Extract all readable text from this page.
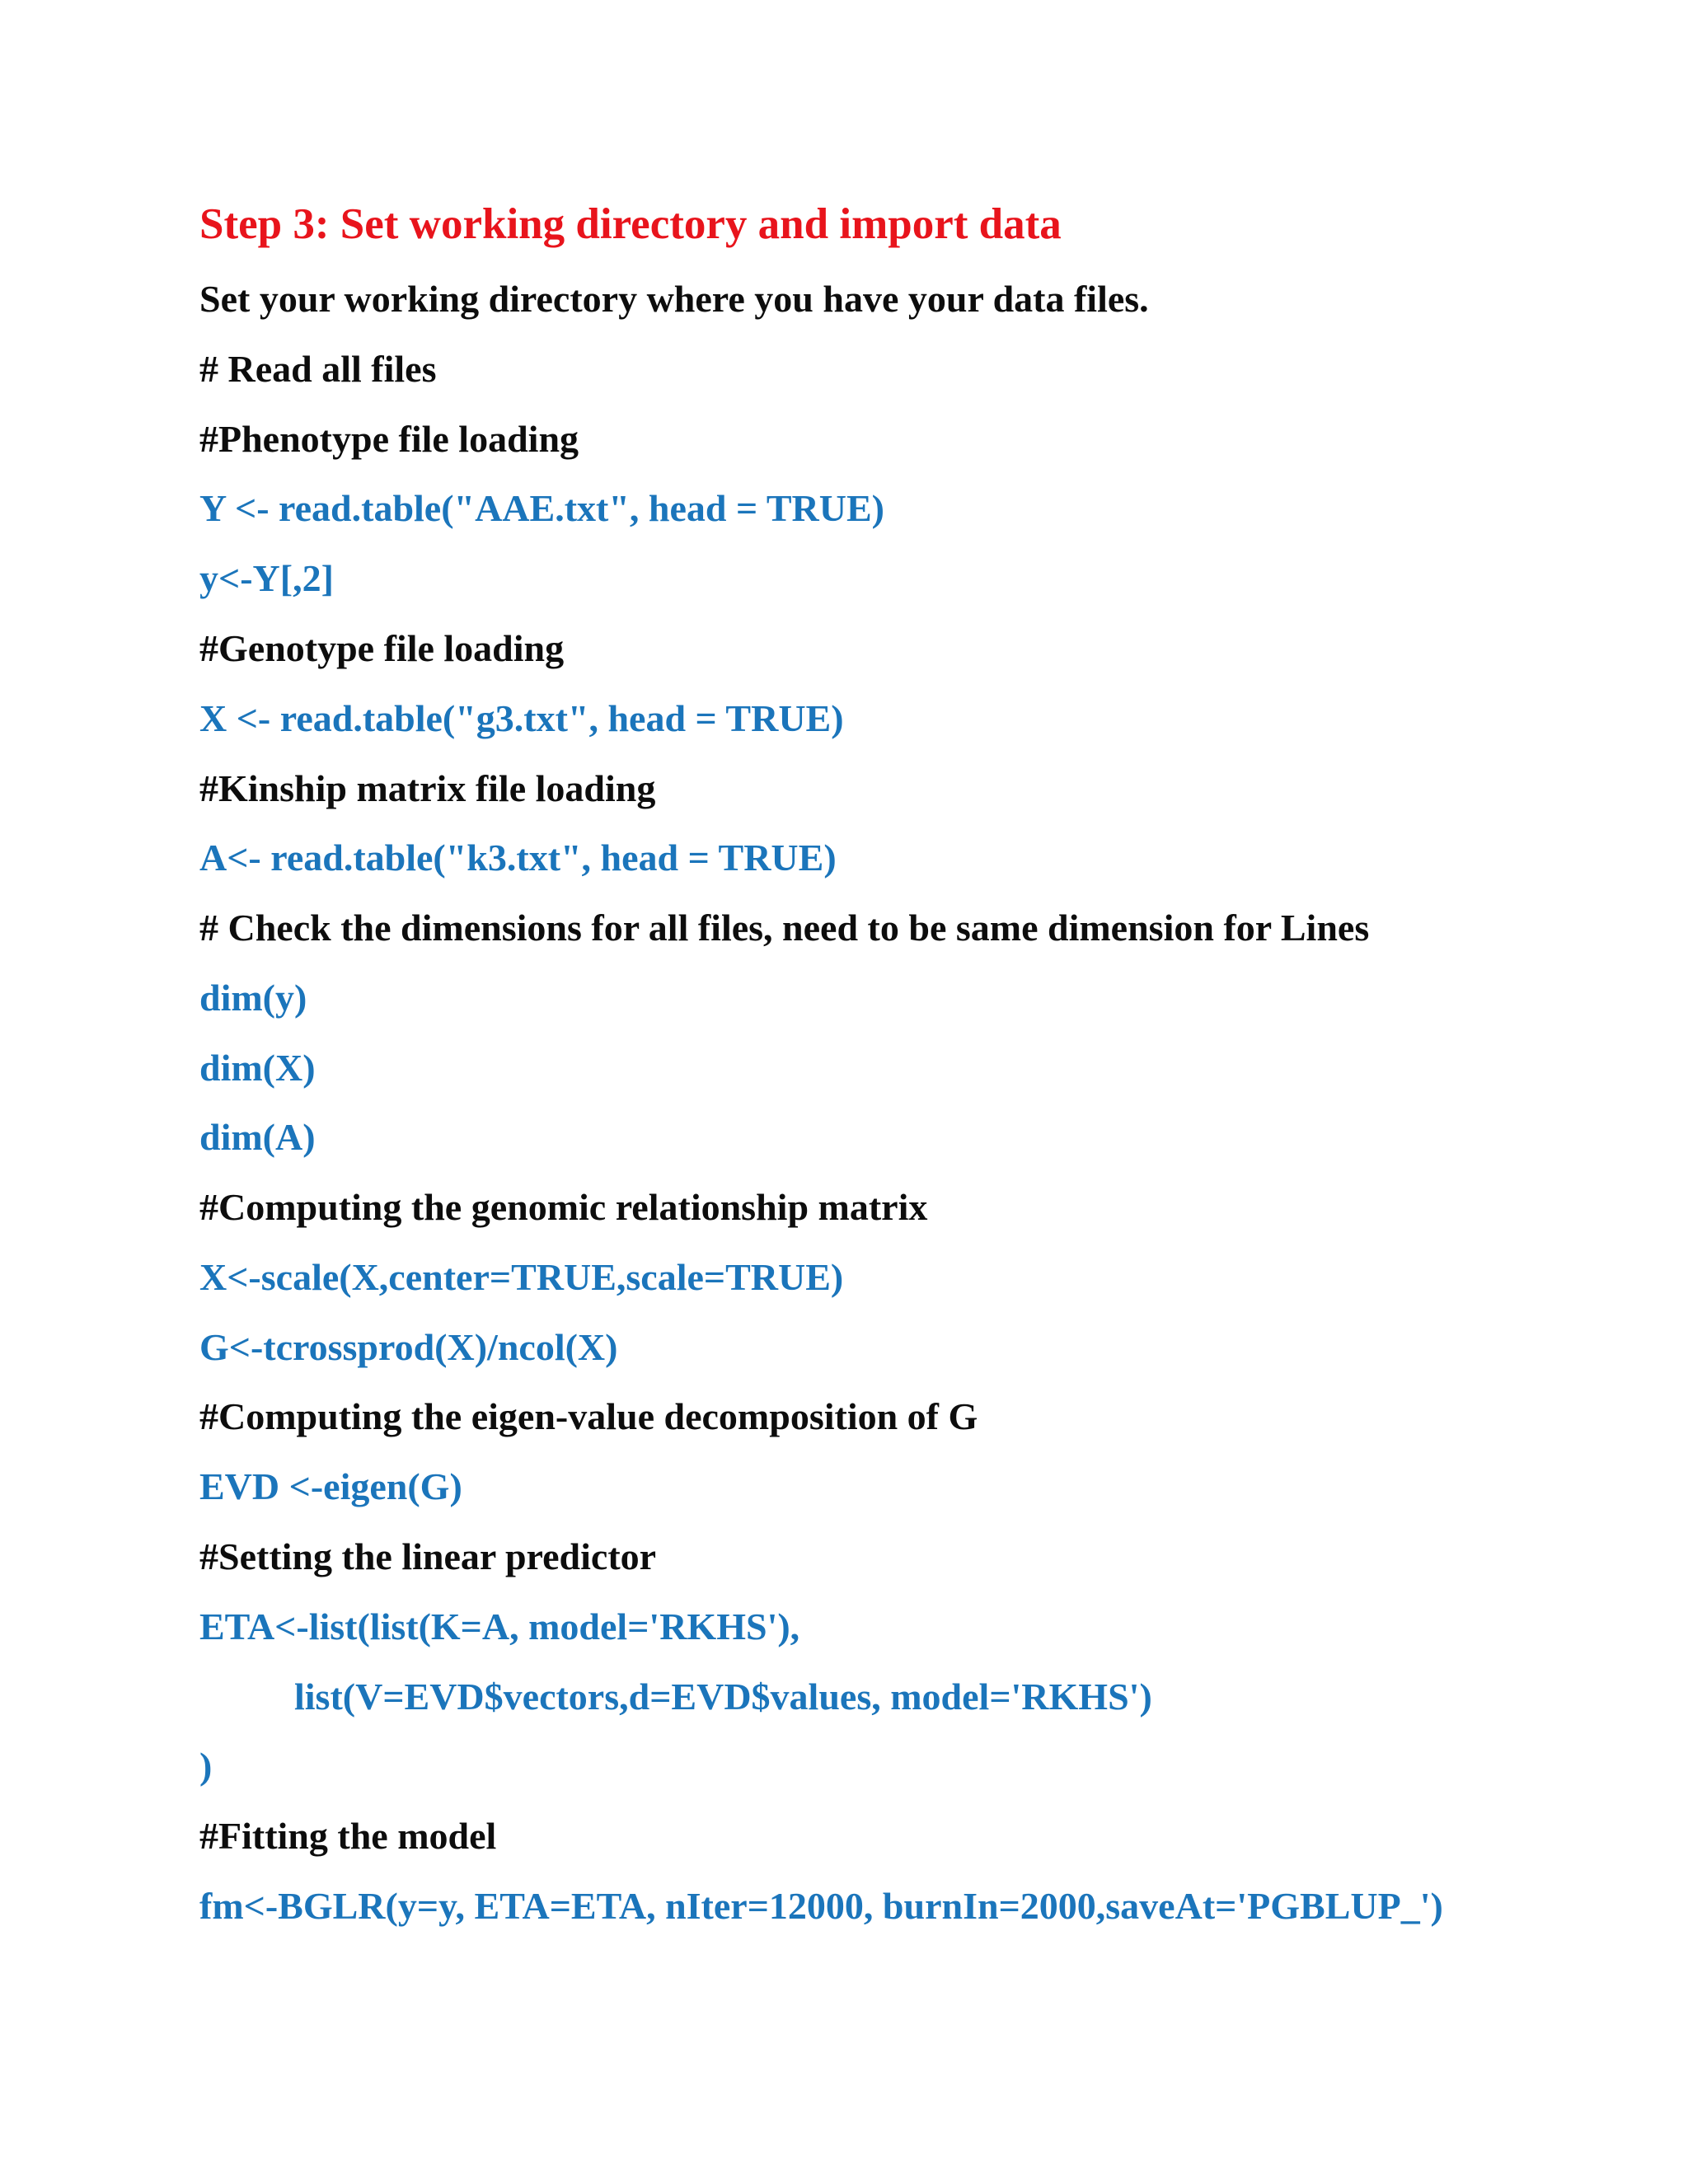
Step 3: Set working directory and import data
Set your working directory where you have your data files.
# Read all files
#Phenotype file loading
Y <- read.table("AAE.txt", head = TRUE)
y<-Y[,2]
#Genotype file loading
X <- read.table("g3.txt", head = TRUE)
#Kinship matrix file loading
A<- read.table("k3.txt", head = TRUE)
# Check the dimensions for all files, need to be same dimension for Lines
dim(y)
dim(X)
dim(A)
#Computing the genomic relationship matrix
X<-scale(X,center=TRUE,scale=TRUE)
G<-tcrossprod(X)/ncol(X)
#Computing the eigen-value decomposition of G
EVD <-eigen(G)
#Setting the linear predictor
ETA<-list(list(K=A, model='RKHS'),
list(V=EVD$vectors,d=EVD$values, model='RKHS')
)
#Fitting the model
fm<-BGLR(y=y, ETA=ETA, nIter=12000, burnIn=2000,saveAt='PGBLUP_')
